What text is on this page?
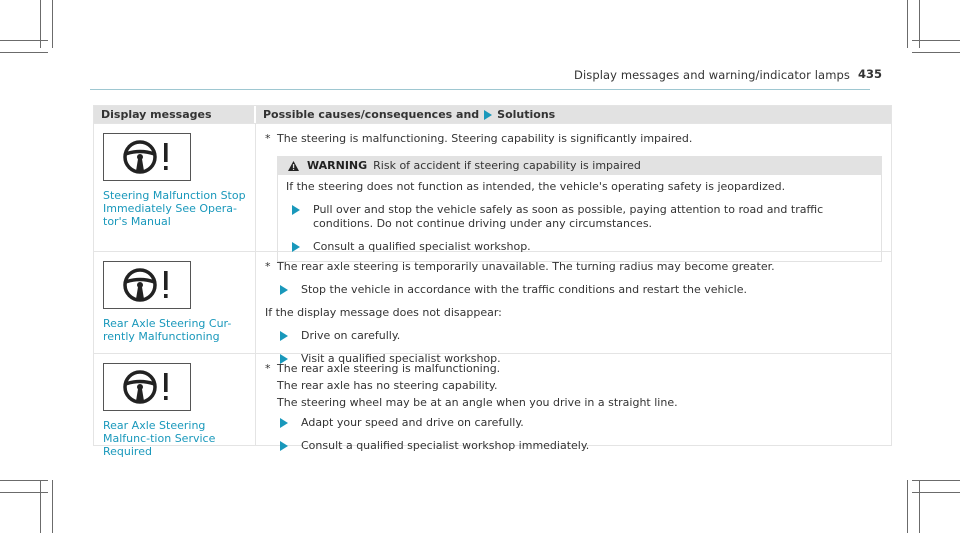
Display messages and warning/indicator lamps 435
Display messages	Possible causes/consequences and Solutions
Steering Malfunction Stop Immediately See Opera-tor's Manual
* The steering is malfunctioning. Steering capability is significantly impaired.
WARNING Risk of accident if steering capability is impaired
If the steering does not function as intended, the vehicle's operating safety is jeopardized.
Pull over and stop the vehicle safely as soon as possible, paying attention to road and traffic conditions. Do not continue driving under any circumstances.
Consult a qualified specialist workshop.
Rear Axle Steering Cur-rently Malfunctioning
* The rear axle steering is temporarily unavailable. The turning radius may become greater.
Stop the vehicle in accordance with the traffic conditions and restart the vehicle.
If the display message does not disappear:
Drive on carefully.
Visit a qualified specialist workshop.
Rear Axle Steering Malfunc-tion Service Required
* The rear axle steering is malfunctioning.
The rear axle has no steering capability.
The steering wheel may be at an angle when you drive in a straight line.
Adapt your speed and drive on carefully.
Consult a qualified specialist workshop immediately.
